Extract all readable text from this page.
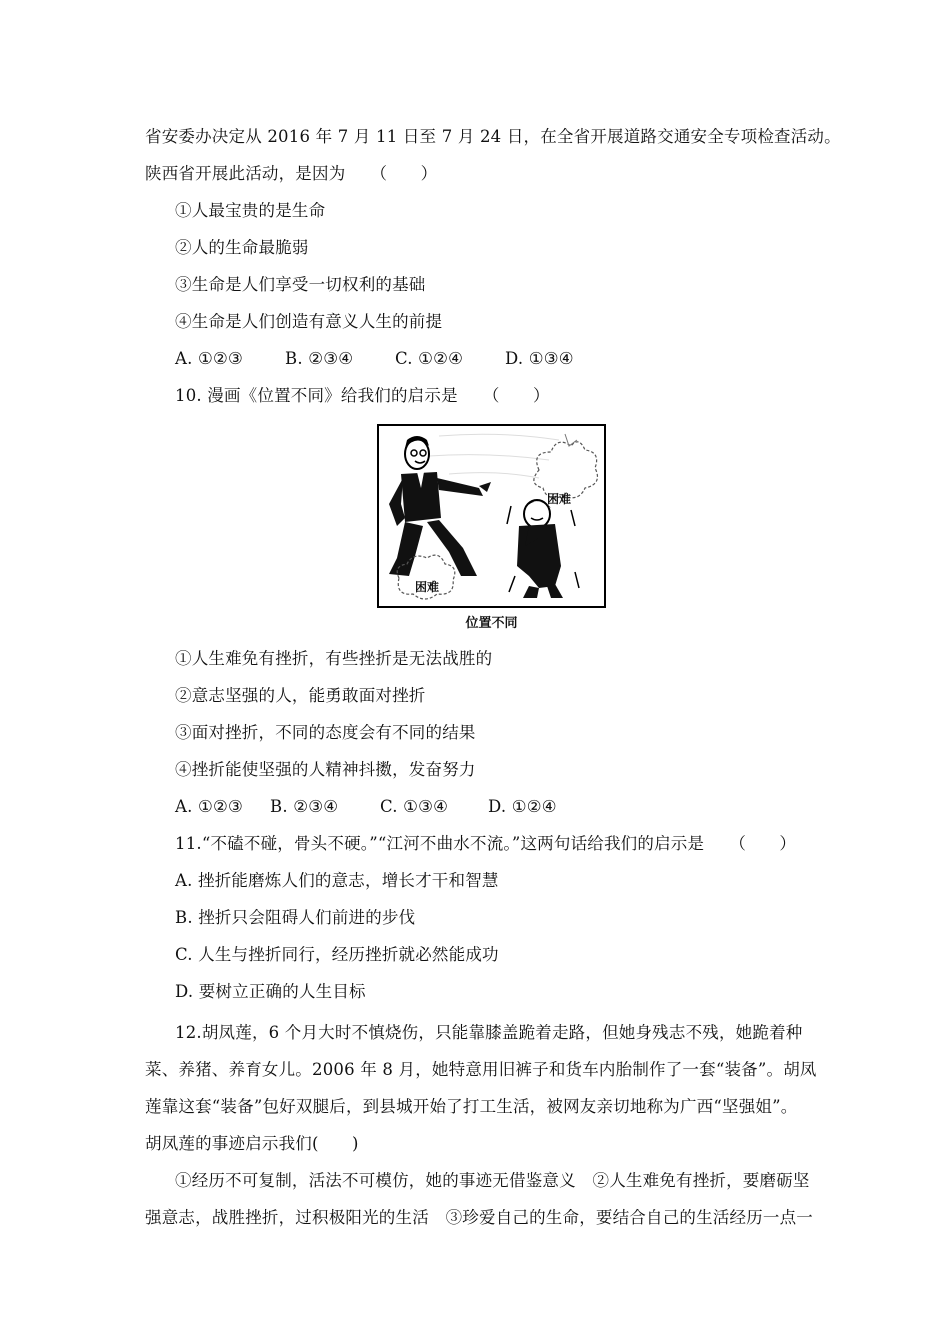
省安委办决定从 2016 年 7 月 11 日至 7 月 24 日，在全省开展道路交通安全专项检查活动。
陕西省开展此活动，是因为　　（　　）
①人最宝贵的是生命
②人的生命最脆弱
③生命是人们享受一切权利的基础
④生命是人们创造有意义人生的前提
A. ①②③	B. ②③④	C. ①②④	D. ①③④
10. 漫画《位置不同》给我们的启示是　　（　　）
困难
困难
位置不同
①人生难免有挫折，有些挫折是无法战胜的
②意志坚强的人，能勇敢面对挫折
③面对挫折，不同的态度会有不同的结果
④挫折能使坚强的人精神抖擞，发奋努力
A. ①②③ B. ②③④	C. ①③④ D. ①②④
11.“不磕不碰，骨头不硬。”“江河不曲水不流。”这两句话给我们的启示是　　（　　）
A. 挫折能磨炼人们的意志，增长才干和智慧
B. 挫折只会阻碍人们前进的步伐
C. 人生与挫折同行，经历挫折就必然能成功
D. 要树立正确的人生目标
12.胡凤莲，6 个月大时不慎烧伤，只能靠膝盖跪着走路，但她身残志不残，她跪着种
菜、养猪、养育女儿。2006 年 8 月，她特意用旧裤子和货车内胎制作了一套“装备”。胡凤
莲靠这套“装备”包好双腿后，到县城开始了打工生活，被网友亲切地称为广西“坚强姐”。
胡凤莲的事迹启示我们(　　)
①经历不可复制，活法不可模仿，她的事迹无借鉴意义　②人生难免有挫折，要磨砺坚
强意志，战胜挫折，过积极阳光的生活　③珍爱自己的生命，要结合自己的生活经历一点一
